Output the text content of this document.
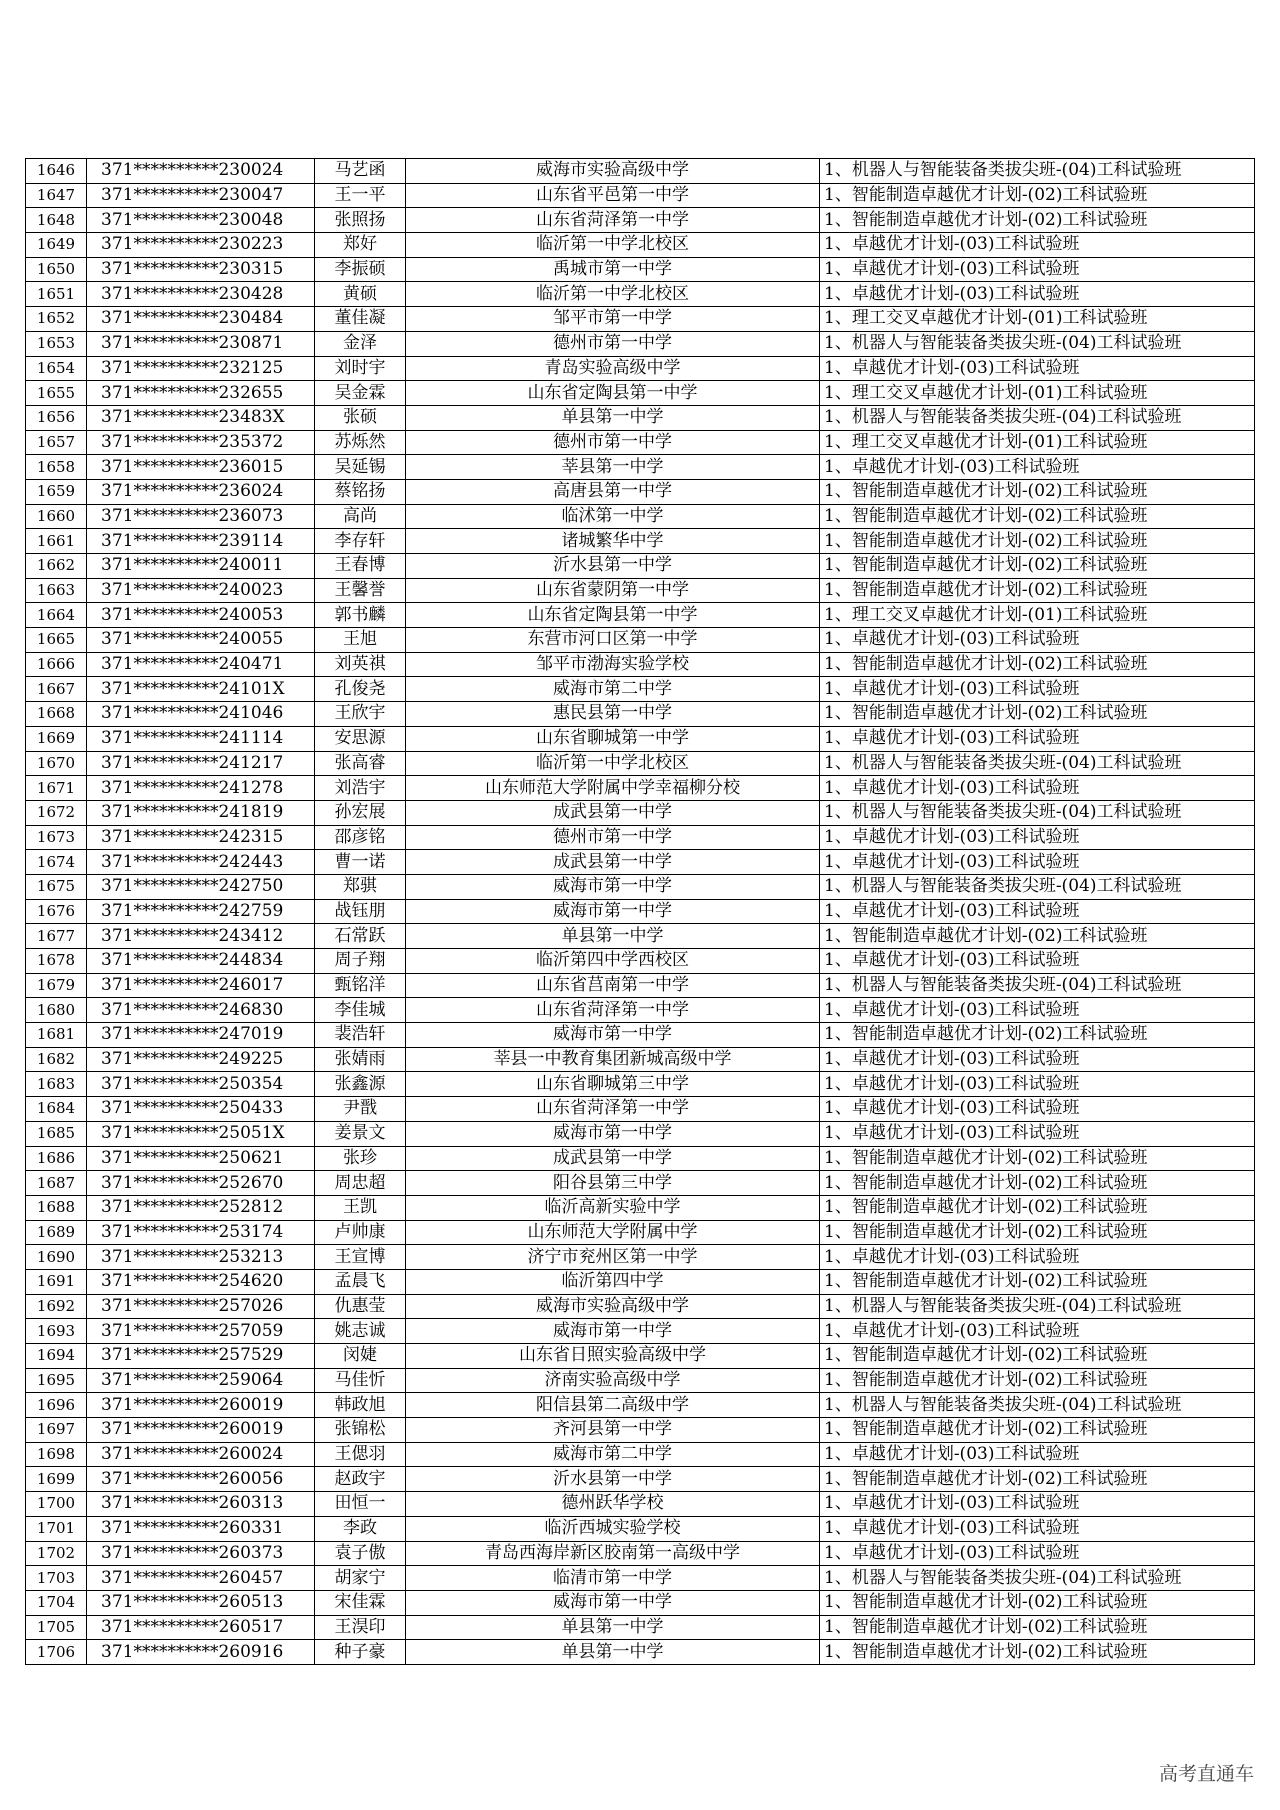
1646	371**********230024	马艺函	威海市实验高级中学	1、机器人与智能装备类拔尖班-(04)工科试验班
1647	371**********230047	王一平	山东省平邑第一中学	1、智能制造卓越优才计划-(02)工科试验班
1648	371**********230048	张照扬	山东省菏泽第一中学	1、智能制造卓越优才计划-(02)工科试验班
1649	371**********230223	郑好	临沂第一中学北校区	1、卓越优才计划-(03)工科试验班
1650	371**********230315	李振硕	禹城市第一中学	1、卓越优才计划-(03)工科试验班
1651	371**********230428	黄硕	临沂第一中学北校区	1、卓越优才计划-(03)工科试验班
1652	371**********230484	董佳凝	邹平市第一中学	1、理工交叉卓越优才计划-(01)工科试验班
1653	371**********230871	金泽	德州市第一中学	1、机器人与智能装备类拔尖班-(04)工科试验班
1654	371**********232125	刘时宇	青岛实验高级中学	1、卓越优才计划-(03)工科试验班
1655	371**********232655	吴金霖	山东省定陶县第一中学	1、理工交叉卓越优才计划-(01)工科试验班
1656	371**********23483X	张硕	单县第一中学	1、机器人与智能装备类拔尖班-(04)工科试验班
1657	371**********235372	苏烁然	德州市第一中学	1、理工交叉卓越优才计划-(01)工科试验班
1658	371**********236015	吴延锡	莘县第一中学	1、卓越优才计划-(03)工科试验班
1659	371**********236024	蔡铭扬	高唐县第一中学	1、智能制造卓越优才计划-(02)工科试验班
1660	371**********236073	高尚	临沭第一中学	1、智能制造卓越优才计划-(02)工科试验班
1661	371**********239114	李存轩	诸城繁华中学	1、智能制造卓越优才计划-(02)工科试验班
1662	371**********240011	王春博	沂水县第一中学	1、智能制造卓越优才计划-(02)工科试验班
1663	371**********240023	王馨誉	山东省蒙阴第一中学	1、智能制造卓越优才计划-(02)工科试验班
1664	371**********240053	郭书麟	山东省定陶县第一中学	1、理工交叉卓越优才计划-(01)工科试验班
1665	371**********240055	王旭	东营市河口区第一中学	1、卓越优才计划-(03)工科试验班
1666	371**********240471	刘英祺	邹平市渤海实验学校	1、智能制造卓越优才计划-(02)工科试验班
1667	371**********24101X	孔俊尧	威海市第二中学	1、卓越优才计划-(03)工科试验班
1668	371**********241046	王欣宇	惠民县第一中学	1、智能制造卓越优才计划-(02)工科试验班
1669	371**********241114	安思源	山东省聊城第一中学	1、卓越优才计划-(03)工科试验班
1670	371**********241217	张高睿	临沂第一中学北校区	1、机器人与智能装备类拔尖班-(04)工科试验班
1671	371**********241278	刘浩宇	山东师范大学附属中学幸福柳分校	1、卓越优才计划-(03)工科试验班
1672	371**********241819	孙宏展	成武县第一中学	1、机器人与智能装备类拔尖班-(04)工科试验班
1673	371**********242315	邵彦铭	德州市第一中学	1、卓越优才计划-(03)工科试验班
1674	371**********242443	曹一诺	成武县第一中学	1、卓越优才计划-(03)工科试验班
1675	371**********242750	郑骐	威海市第一中学	1、机器人与智能装备类拔尖班-(04)工科试验班
1676	371**********242759	战钰朋	威海市第一中学	1、卓越优才计划-(03)工科试验班
1677	371**********243412	石常跃	单县第一中学	1、智能制造卓越优才计划-(02)工科试验班
1678	371**********244834	周子翔	临沂第四中学西校区	1、卓越优才计划-(03)工科试验班
1679	371**********246017	甄铭洋	山东省莒南第一中学	1、机器人与智能装备类拔尖班-(04)工科试验班
1680	371**********246830	李佳城	山东省菏泽第一中学	1、卓越优才计划-(03)工科试验班
1681	371**********247019	裴浩轩	威海市第一中学	1、智能制造卓越优才计划-(02)工科试验班
1682	371**********249225	张婧雨	莘县一中教育集团新城高级中学	1、卓越优才计划-(03)工科试验班
1683	371**********250354	张鑫源	山东省聊城第三中学	1、卓越优才计划-(03)工科试验班
1684	371**********250433	尹戬	山东省菏泽第一中学	1、卓越优才计划-(03)工科试验班
1685	371**********25051X	姜景文	威海市第一中学	1、卓越优才计划-(03)工科试验班
1686	371**********250621	张珍	成武县第一中学	1、智能制造卓越优才计划-(02)工科试验班
1687	371**********252670	周忠超	阳谷县第三中学	1、智能制造卓越优才计划-(02)工科试验班
1688	371**********252812	王凯	临沂高新实验中学	1、智能制造卓越优才计划-(02)工科试验班
1689	371**********253174	卢帅康	山东师范大学附属中学	1、智能制造卓越优才计划-(02)工科试验班
1690	371**********253213	王宣博	济宁市兖州区第一中学	1、卓越优才计划-(03)工科试验班
1691	371**********254620	孟晨飞	临沂第四中学	1、智能制造卓越优才计划-(02)工科试验班
1692	371**********257026	仇惠莹	威海市实验高级中学	1、机器人与智能装备类拔尖班-(04)工科试验班
1693	371**********257059	姚志诚	威海市第一中学	1、卓越优才计划-(03)工科试验班
1694	371**********257529	闵婕	山东省日照实验高级中学	1、智能制造卓越优才计划-(02)工科试验班
1695	371**********259064	马佳忻	济南实验高级中学	1、智能制造卓越优才计划-(02)工科试验班
1696	371**********260019	韩政旭	阳信县第二高级中学	1、机器人与智能装备类拔尖班-(04)工科试验班
1697	371**********260019	张锦松	齐河县第一中学	1、智能制造卓越优才计划-(02)工科试验班
1698	371**********260024	王偲羽	威海市第二中学	1、卓越优才计划-(03)工科试验班
1699	371**********260056	赵政宇	沂水县第一中学	1、智能制造卓越优才计划-(02)工科试验班
1700	371**********260313	田恒一	德州跃华学校	1、卓越优才计划-(03)工科试验班
1701	371**********260331	李政	临沂西城实验学校	1、卓越优才计划-(03)工科试验班
1702	371**********260373	袁子傲	青岛西海岸新区胶南第一高级中学	1、卓越优才计划-(03)工科试验班
1703	371**********260457	胡家宁	临清市第一中学	1、机器人与智能装备类拔尖班-(04)工科试验班
1704	371**********260513	宋佳霖	威海市第一中学	1、智能制造卓越优才计划-(02)工科试验班
1705	371**********260517	王淏印	单县第一中学	1、智能制造卓越优才计划-(02)工科试验班
1706	371**********260916	种子豪	单县第一中学	1、智能制造卓越优才计划-(02)工科试验班
高考直通车
